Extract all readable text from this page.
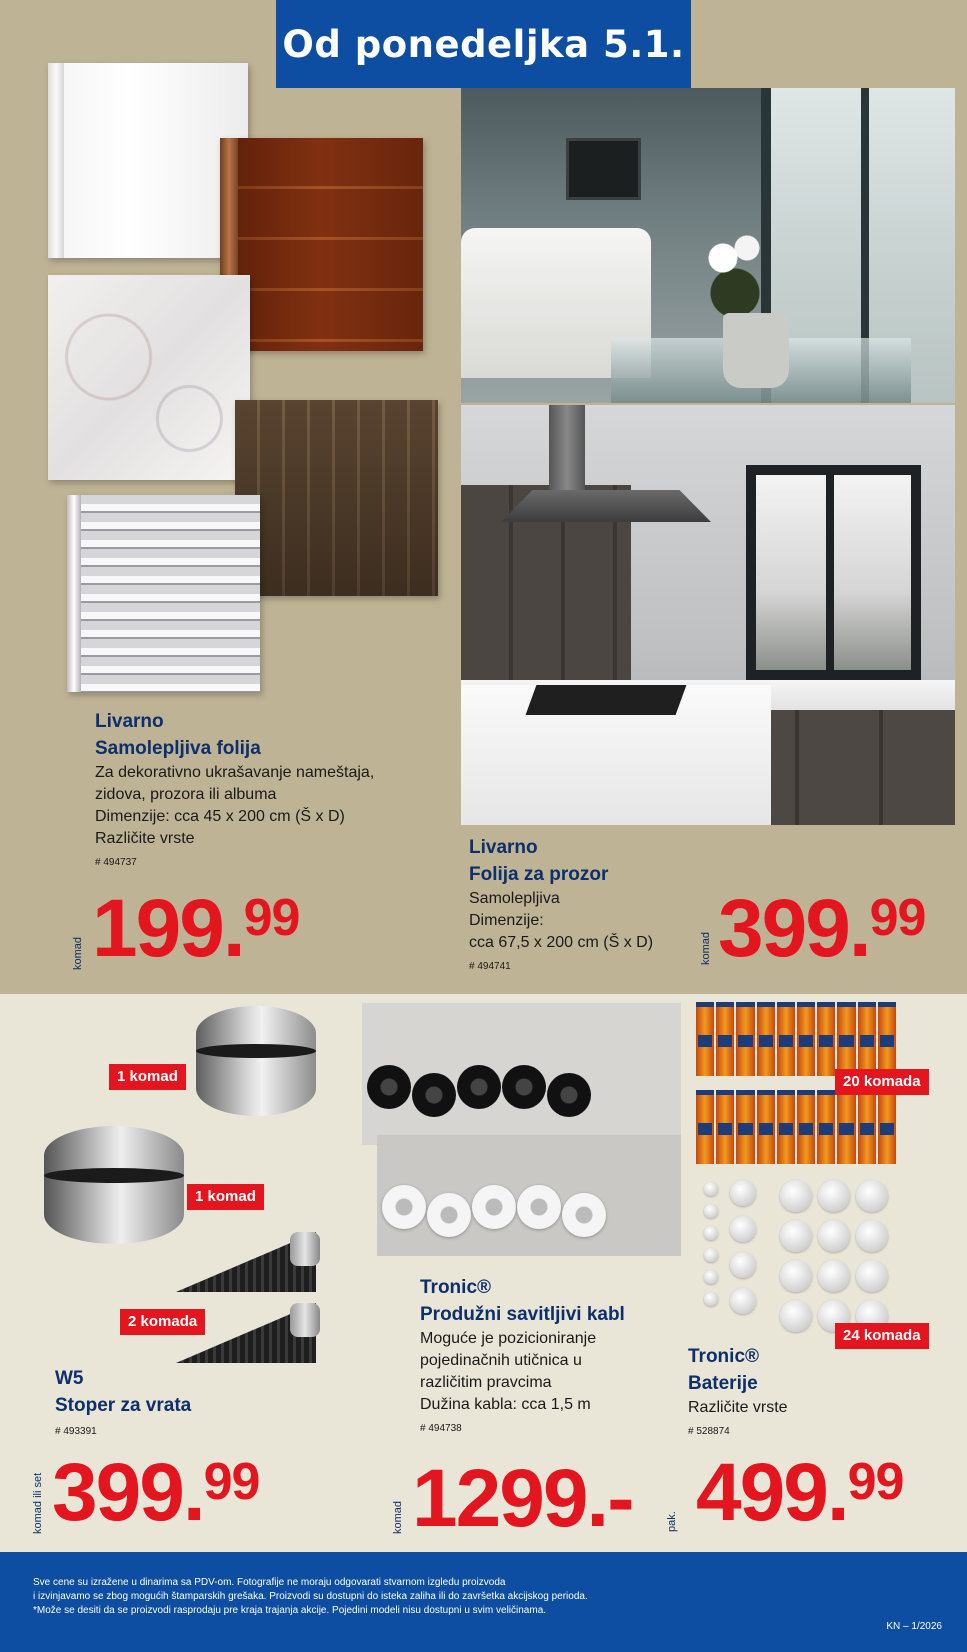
Od ponedeljka 5.1.
Livarno
Samolepljiva folija
Za dekorativno ukrašavanje nameštaja,
zidova, prozora ili albuma
Dimenzije: cca 45 x 200 cm (Š x D)
Različite vrste
# 494737
komad 199.99
Livarno
Folija za prozor
Samolepljiva
Dimenzije:
cca 67,5 x 200 cm (Š x D)
# 494741
komad 399.99
1 komad
1 komad
2 komada
W5
Stoper za vrata
# 493391
komad ili set 399.99
Tronic®
Produžni savitljivi kabl
Moguće je pozicioniranje
pojedinačnih utičnica u
različitim pravcima
Dužina kabla: cca 1,5 m
# 494738
komad 1299.-
20 komada
24 komada
Tronic®
Baterije
Različite vrste
# 528874
pak. 499.99

Sve cene su izražene u dinarima sa PDV-om. Fotografije ne moraju odgovarati stvarnom izgledu proizvoda

i izvinjavamo se zbog mogućih štamparskih grešaka. Proizvodi su dostupni do isteka zaliha ili do završetka akcijskog perioda.

*Može se desiti da se proizvodi rasprodaju pre kraja trajanja akcije. Pojedini modeli nisu dostupni u svim veličinama.

KN – 1/2026
